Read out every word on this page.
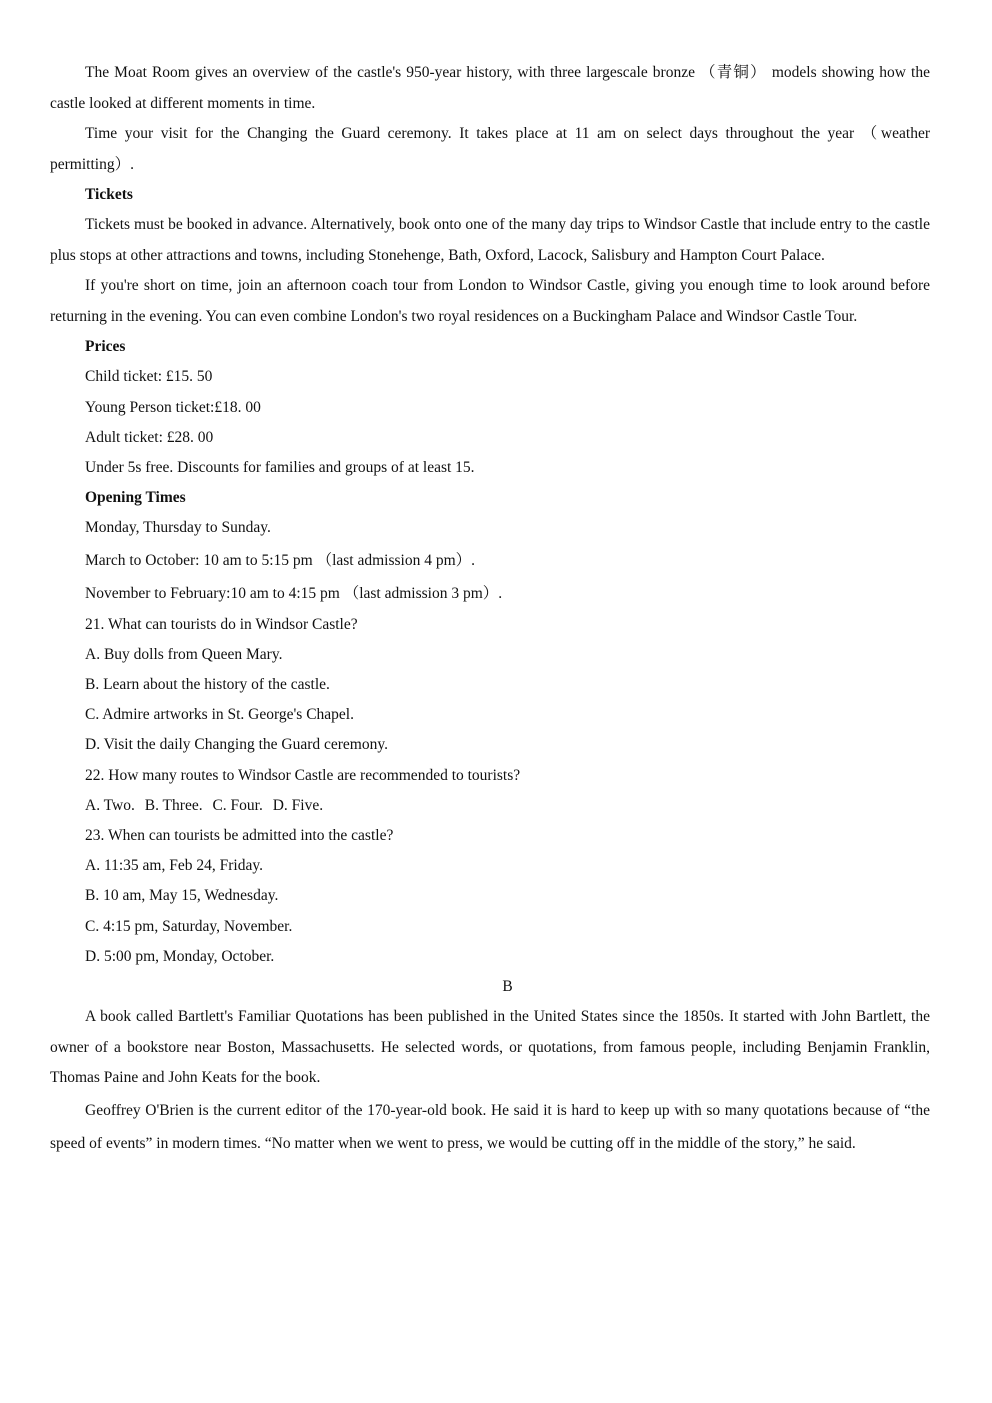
The Moat Room gives an overview of the castle's 950-year history, with three largescale bronze （青铜） models showing how the castle looked at different moments in time.

Time your visit for the Changing the Guard ceremony. It takes place at 11 am on select days throughout the year （weather permitting）.

Tickets

Tickets must be booked in advance. Alternatively, book onto one of the many day trips to Windsor Castle that include entry to the castle plus stops at other attractions and towns, including Stonehenge, Bath, Oxford, Lacock, Salisbury and Hampton Court Palace.

If you're short on time, join an afternoon coach tour from London to Windsor Castle, giving you enough time to look around before returning in the evening. You can even combine London's two royal residences on a Buckingham Palace and Windsor Castle Tour.

Prices

Child ticket: £15. 50

Young Person ticket:£18. 00

Adult ticket: £28. 00

Under 5s free. Discounts for families and groups of at least 15.

Opening Times

Monday, Thursday to Sunday.

March to October: 10 am to 5:15 pm （last admission 4 pm）.

November to February:10 am to 4:15 pm （last admission 3 pm）.

21. What can tourists do in Windsor Castle?

A. Buy dolls from Queen Mary.

B. Learn about the history of the castle.

C. Admire artworks in St. George's Chapel.

D. Visit the daily Changing the Guard ceremony.

22. How many routes to Windsor Castle are recommended to tourists?

A. Two. B. Three. C. Four. D. Five.

23. When can tourists be admitted into the castle?

A. 11:35 am, Feb 24, Friday.

B. 10 am, May 15, Wednesday.

C. 4:15 pm, Saturday, November.

D. 5:00 pm, Monday, October.

B

A book called Bartlett's Familiar Quotations has been published in the United States since the 1850s. It started with John Bartlett, the owner of a bookstore near Boston, Massachusetts. He selected words, or quotations, from famous people, including Benjamin Franklin, Thomas Paine and John Keats for the book.

Geoffrey O'Brien is the current editor of the 170-year-old book. He said it is hard to keep up with so many quotations because of “the speed of events” in modern times. “No matter when we went to press, we would be cutting off in the middle of the story,” he said.
